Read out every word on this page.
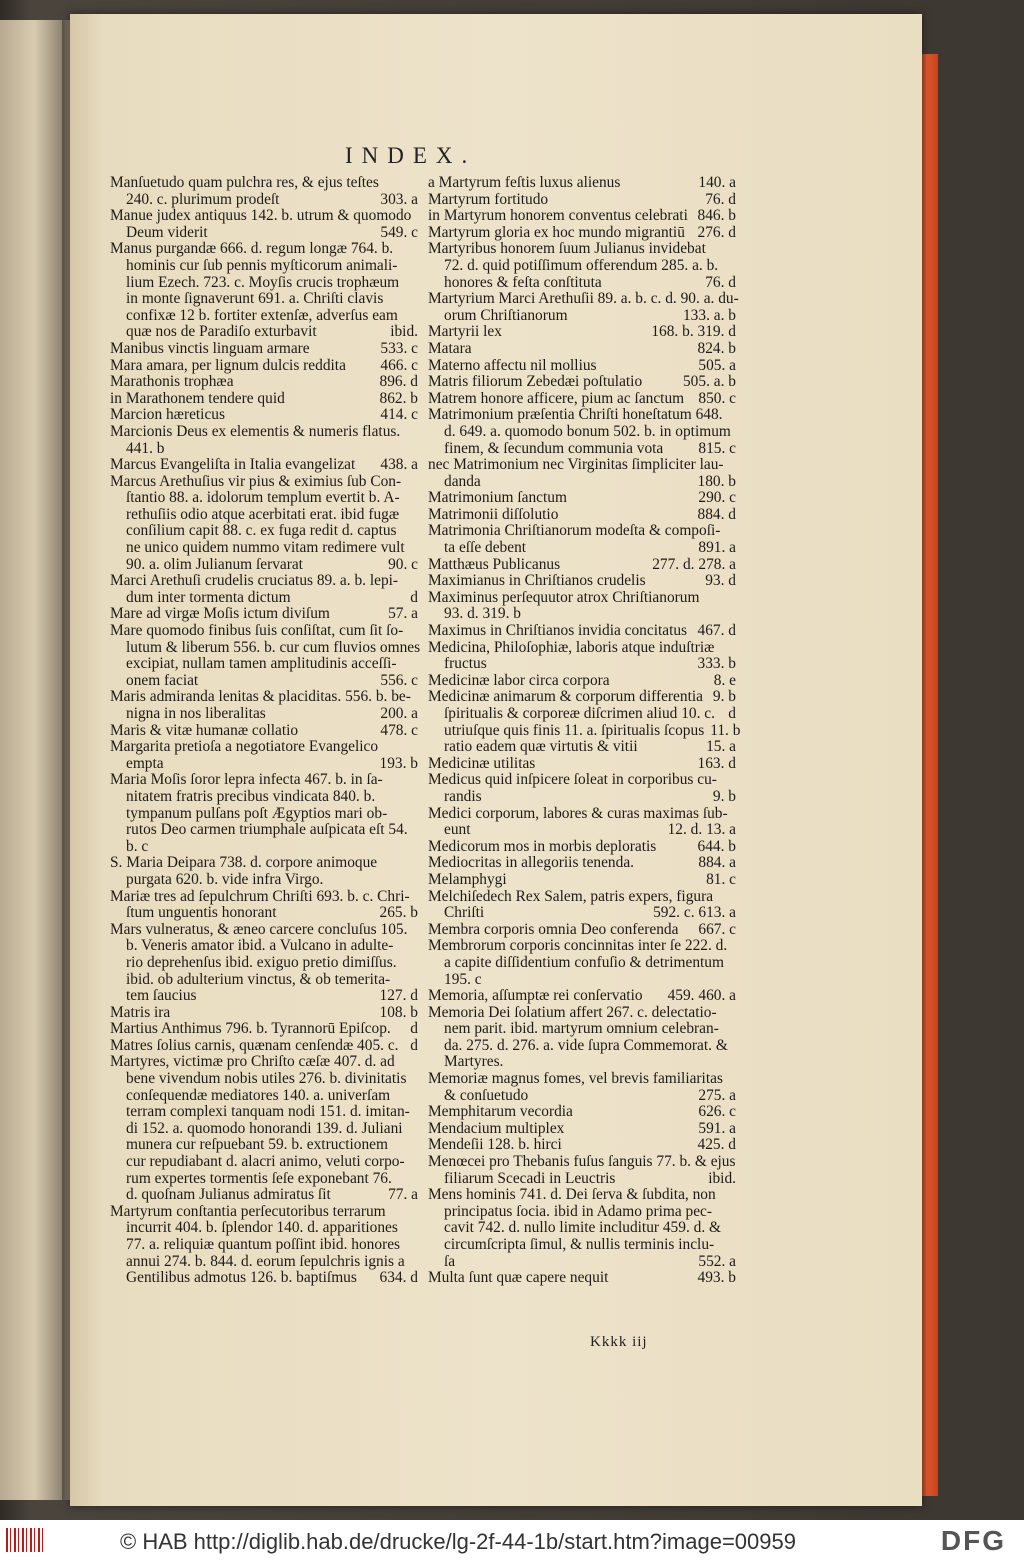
INDEX.
Manſuetudo quam pulchra res, & ejus teſtes
240. c. plurimum prodeſt	303. a
Manue judex antiquus 142. b. utrum & quomodo
Deum viderit	549. c
Manus purgandæ 666. d. regum longæ 764. b.
hominis cur ſub pennis myſticorum animali-
lium Ezech. 723. c. Moyſis crucis trophæum
in monte ſignaverunt 691. a. Chriſti clavis
confixæ 12 b. fortiter extenſæ, adverſus eam
quæ nos de Paradiſo exturbavit	ibid.
Manibus vinctis linguam armare	533. c
Mara amara, per lignum dulcis reddita	466. c
Marathonis trophæa	896. d
in Marathonem tendere quid	862. b
Marcion hæreticus	414. c
Marcionis Deus ex elementis & numeris flatus.
441. b
Marcus Evangeliſta in Italia evangelizat	438. a
Marcus Arethuſius vir pius & eximius ſub Con-
ſtantio 88. a. idolorum templum evertit b. A-
rethuſiis odio atque acerbitati erat. ibid fugæ
conſilium capit 88. c. ex fuga redit d. captus
ne unico quidem nummo vitam redimere vult
90. a. olim Julianum ſervarat	90. c
Marci Arethuſi crudelis cruciatus 89. a. b. lepi-
dum inter tormenta dictum	d
Mare ad virgæ Moſis ictum diviſum	57. a
Mare quomodo finibus ſuis conſiſtat, cum ſit ſo-
lutum & liberum 556. b. cur cum fluvios omnes
excipiat, nullam tamen amplitudinis acceſſi-
onem faciat	556. c
Maris admiranda lenitas & placiditas. 556. b. be-
nigna in nos liberalitas	200. a
Maris & vitæ humanæ collatio	478. c
Margarita pretioſa a negotiatore Evangelico
empta	193. b
Maria Moſis ſoror lepra infecta 467. b. in ſa-
nitatem fratris precibus vindicata 840. b.
tympanum pulſans poſt Ægyptios mari ob-
rutos Deo carmen triumphale auſpicata eſt 54.
b. c
S. Maria Deipara 738. d. corpore animoque
purgata 620. b. vide infra Virgo.
Mariæ tres ad ſepulchrum Chriſti 693. b. c. Chri-
ſtum unguentis honorant	265. b
Mars vulneratus, & æneo carcere concluſus 105.
b. Veneris amator ibid. a Vulcano in adulte-
rio deprehenſus ibid. exiguo pretio dimiſſus.
ibid. ob adulterium vinctus, & ob temerita-
tem ſaucius	127. d
Matris ira	108. b
Martius Anthimus 796. b. Tyrannorū Epiſcop.	d
Matres ſolius carnis, quænam cenſendæ 405. c. d
Martyres, victimæ pro Chriſto cæſæ 407. d. ad
bene vivendum nobis utiles 276. b. divinitatis
conſequendæ mediatores 140. a. univerſam
terram complexi tanquam nodi 151. d. imitan-
di 152. a. quomodo honorandi 139. d. Juliani
munera cur reſpuebant 59. b. extructionem
cur repudiabant d. alacri animo, veluti corpo-
rum expertes tormentis ſeſe exponebant 76.
d. quoſnam Julianus admiratus ſit	77. a
Martyrum conſtantia perſecutoribus terrarum
incurrit 404. b. ſplendor 140. d. apparitiones
77. a. reliquiæ quantum poſſint ibid. honores
annui 274. b. 844. d. eorum ſepulchris ignis a
Gentilibus admotus 126. b. baptiſmus	634. d
a Martyrum feſtis luxus alienus	140. a
Martyrum fortitudo	76. d
in Martyrum honorem conventus celebrati 846. b
Martyrum gloria ex hoc mundo migrantiū 276. d
Martyribus honorem ſuum Julianus invidebat
72. d. quid potiſſimum offerendum 285. a. b.
honores & feſta conſtituta	76. d
Martyrium Marci Arethuſii 89. a. b. c. d. 90. a. du-
orum Chriſtianorum	133. a. b
Martyrii lex	168. b. 319. d
Matara	824. b
Materno affectu nil mollius	505. a
Matris filiorum Zebedæi poſtulatio	505. a. b
Matrem honore afficere, pium ac ſanctum 850. c
Matrimonium præſentia Chriſti honeſtatum 648.
d. 649. a. quomodo bonum 502. b. in optimum
finem, & ſecundum communia vota	815. c
nec Matrimonium nec Virginitas ſimpliciter lau-
danda	180. b
Matrimonium ſanctum	290. c
Matrimonii diſſolutio	884. d
Matrimonia Chriſtianorum modeſta & compoſi-
ta eſſe debent	891. a
Matthæus Publicanus	277. d. 278. a
Maximianus in Chriſtianos crudelis	93. d
Maximinus perſequutor atrox Chriſtianorum
93. d. 319. b
Maximus in Chriſtianos invidia concitatus 467. d
Medicina, Philoſophiæ, laboris atque induſtriæ
fructus	333. b
Medicinæ labor circa corpora	8. e
Medicinæ animarum & corporum differentia 9. b
ſpiritualis & corporeæ diſcrimen aliud 10. c. d
utriuſque quis finis 11. a. ſpiritualis ſcopus 11. b
ratio eadem quæ virtutis & vitii	15. a
Medicinæ utilitas	163. d
Medicus quid inſpicere ſoleat in corporibus cu-
randis	9. b
Medici corporum, labores & curas maximas ſub-
eunt	12. d. 13. a
Medicorum mos in morbis deploratis	644. b
Mediocritas in allegoriis tenenda.	884. a
Melamphygi	81. c
Melchiſedech Rex Salem, patris expers, figura
Chriſti	592. c. 613. a
Membra corporis omnia Deo conferenda	667. c
Membrorum corporis concinnitas inter ſe 222. d.
a capite diſſidentium confuſio & detrimentum
195. c
Memoria, aſſumptæ rei conſervatio	459. 460. a
Memoria Dei ſolatium affert 267. c. delectatio-
nem parit. ibid. martyrum omnium celebran-
da. 275. d. 276. a. vide ſupra Commemorat. &
Martyres.
Memoriæ magnus fomes, vel brevis familiaritas
& conſuetudo	275. a
Memphitarum vecordia	626. c
Mendacium multiplex	591. a
Mendeſii 128. b. hirci	425. d
Menœcei pro Thebanis fuſus ſanguis 77. b. & ejus
filiarum Scecadi in Leuctris	ibid.
Mens hominis 741. d. Dei ſerva & ſubdita, non
principatus ſocia. ibid in Adamo prima pec-
cavit 742. d. nullo limite includitur 459. d. &
circumſcripta ſimul, & nullis terminis inclu-
ſa	552. a
Multa ſunt quæ capere nequit	493. b
Kkkk iij
© HAB http://diglib.hab.de/drucke/lg-2f-44-1b/start.htm?image=00959	DFG
